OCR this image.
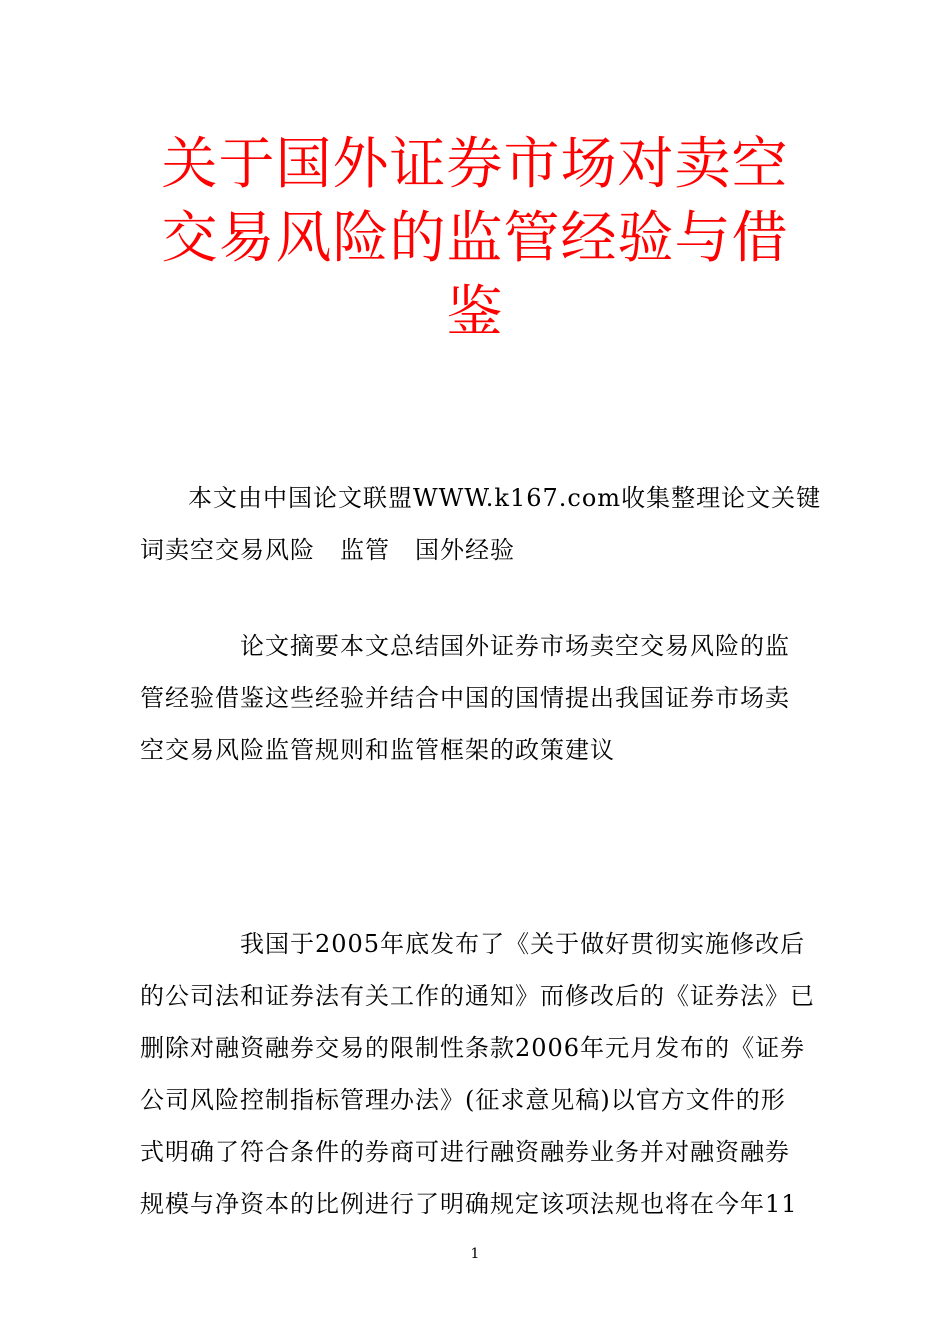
关于国外证券市场对卖空
交易风险的监管经验与借
鉴
本文由中国论文联盟WWW.k167.com收集整理论文关键
词卖空交易风险　监管　国外经验
论文摘要本文总结国外证券市场卖空交易风险的监
管经验借鉴这些经验并结合中国的国情提出我国证券市场卖
空交易风险监管规则和监管框架的政策建议
我国于2005年底发布了《关于做好贯彻实施修改后
的公司法和证券法有关工作的通知》而修改后的《证券法》已
删除对融资融券交易的限制性条款2006年元月发布的《证券
公司风险控制指标管理办法》(征求意见稿)以官方文件的形
式明确了符合条件的券商可进行融资融券业务并对融资融券
规模与净资本的比例进行了明确规定该项法规也将在今年11
1
